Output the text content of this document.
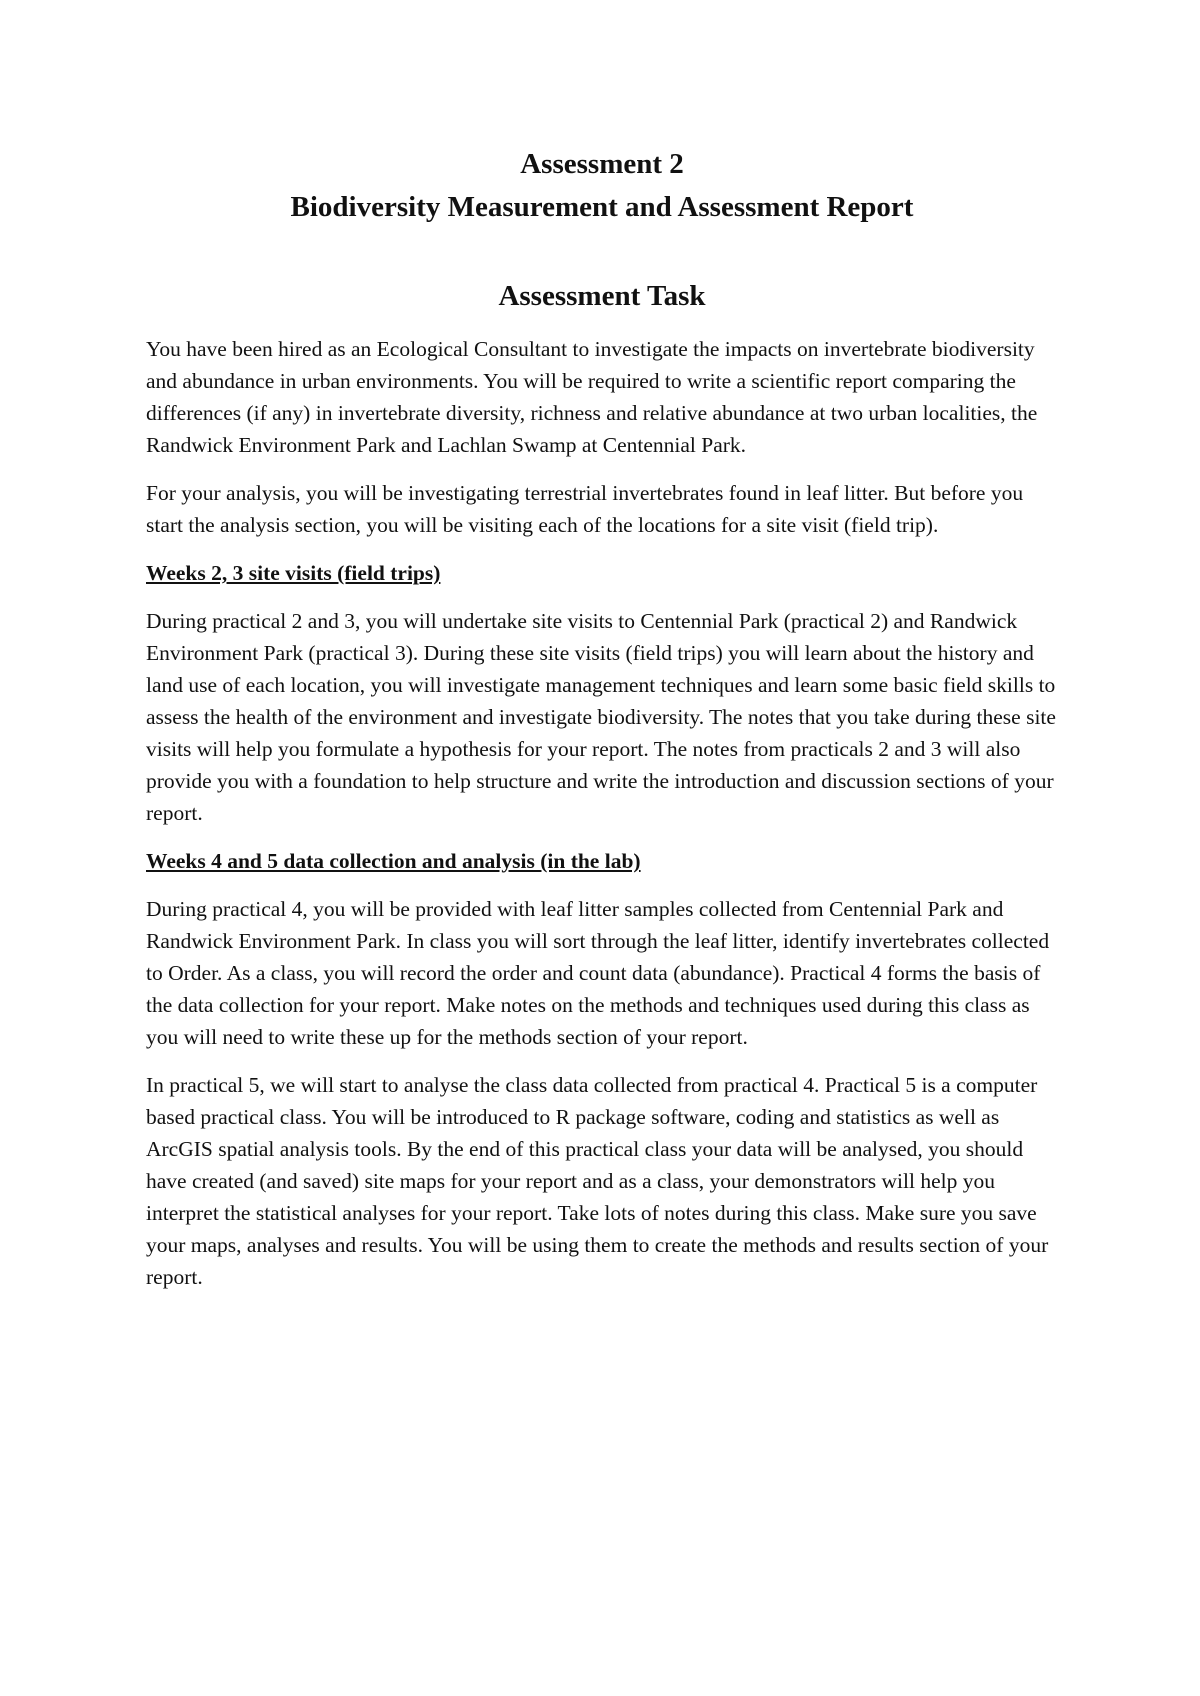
Assessment 2
Biodiversity Measurement and Assessment Report
Assessment Task

You have been hired as an Ecological Consultant to investigate the impacts on invertebrate biodiversity and abundance in urban environments. You will be required to write a scientific report comparing the differences (if any) in invertebrate diversity, richness and relative abundance at two urban localities, the Randwick Environment Park and Lachlan Swamp at Centennial Park.

For your analysis, you will be investigating terrestrial invertebrates found in leaf litter. But before you start the analysis section, you will be visiting each of the locations for a site visit (field trip).

Weeks 2, 3 site visits (field trips)

During practical 2 and 3, you will undertake site visits to Centennial Park (practical 2) and Randwick Environment Park (practical 3). During these site visits (field trips) you will learn about the history and land use of each location, you will investigate management techniques and learn some basic field skills to assess the health of the environment and investigate biodiversity. The notes that you take during these site visits will help you formulate a hypothesis for your report. The notes from practicals 2 and 3 will also provide you with a foundation to help structure and write the introduction and discussion sections of your report.

Weeks 4 and 5 data collection and analysis (in the lab)

During practical 4, you will be provided with leaf litter samples collected from Centennial Park and Randwick Environment Park. In class you will sort through the leaf litter, identify invertebrates collected to Order. As a class, you will record the order and count data (abundance). Practical 4 forms the basis of the data collection for your report. Make notes on the methods and techniques used during this class as you will need to write these up for the methods section of your report.

In practical 5, we will start to analyse the class data collected from practical 4. Practical 5 is a computer based practical class. You will be introduced to R package software, coding and statistics as well as ArcGIS spatial analysis tools. By the end of this practical class your data will be analysed, you should have created (and saved) site maps for your report and as a class, your demonstrators will help you interpret the statistical analyses for your report. Take lots of notes during this class. Make sure you save your maps, analyses and results. You will be using them to create the methods and results section of your report.
